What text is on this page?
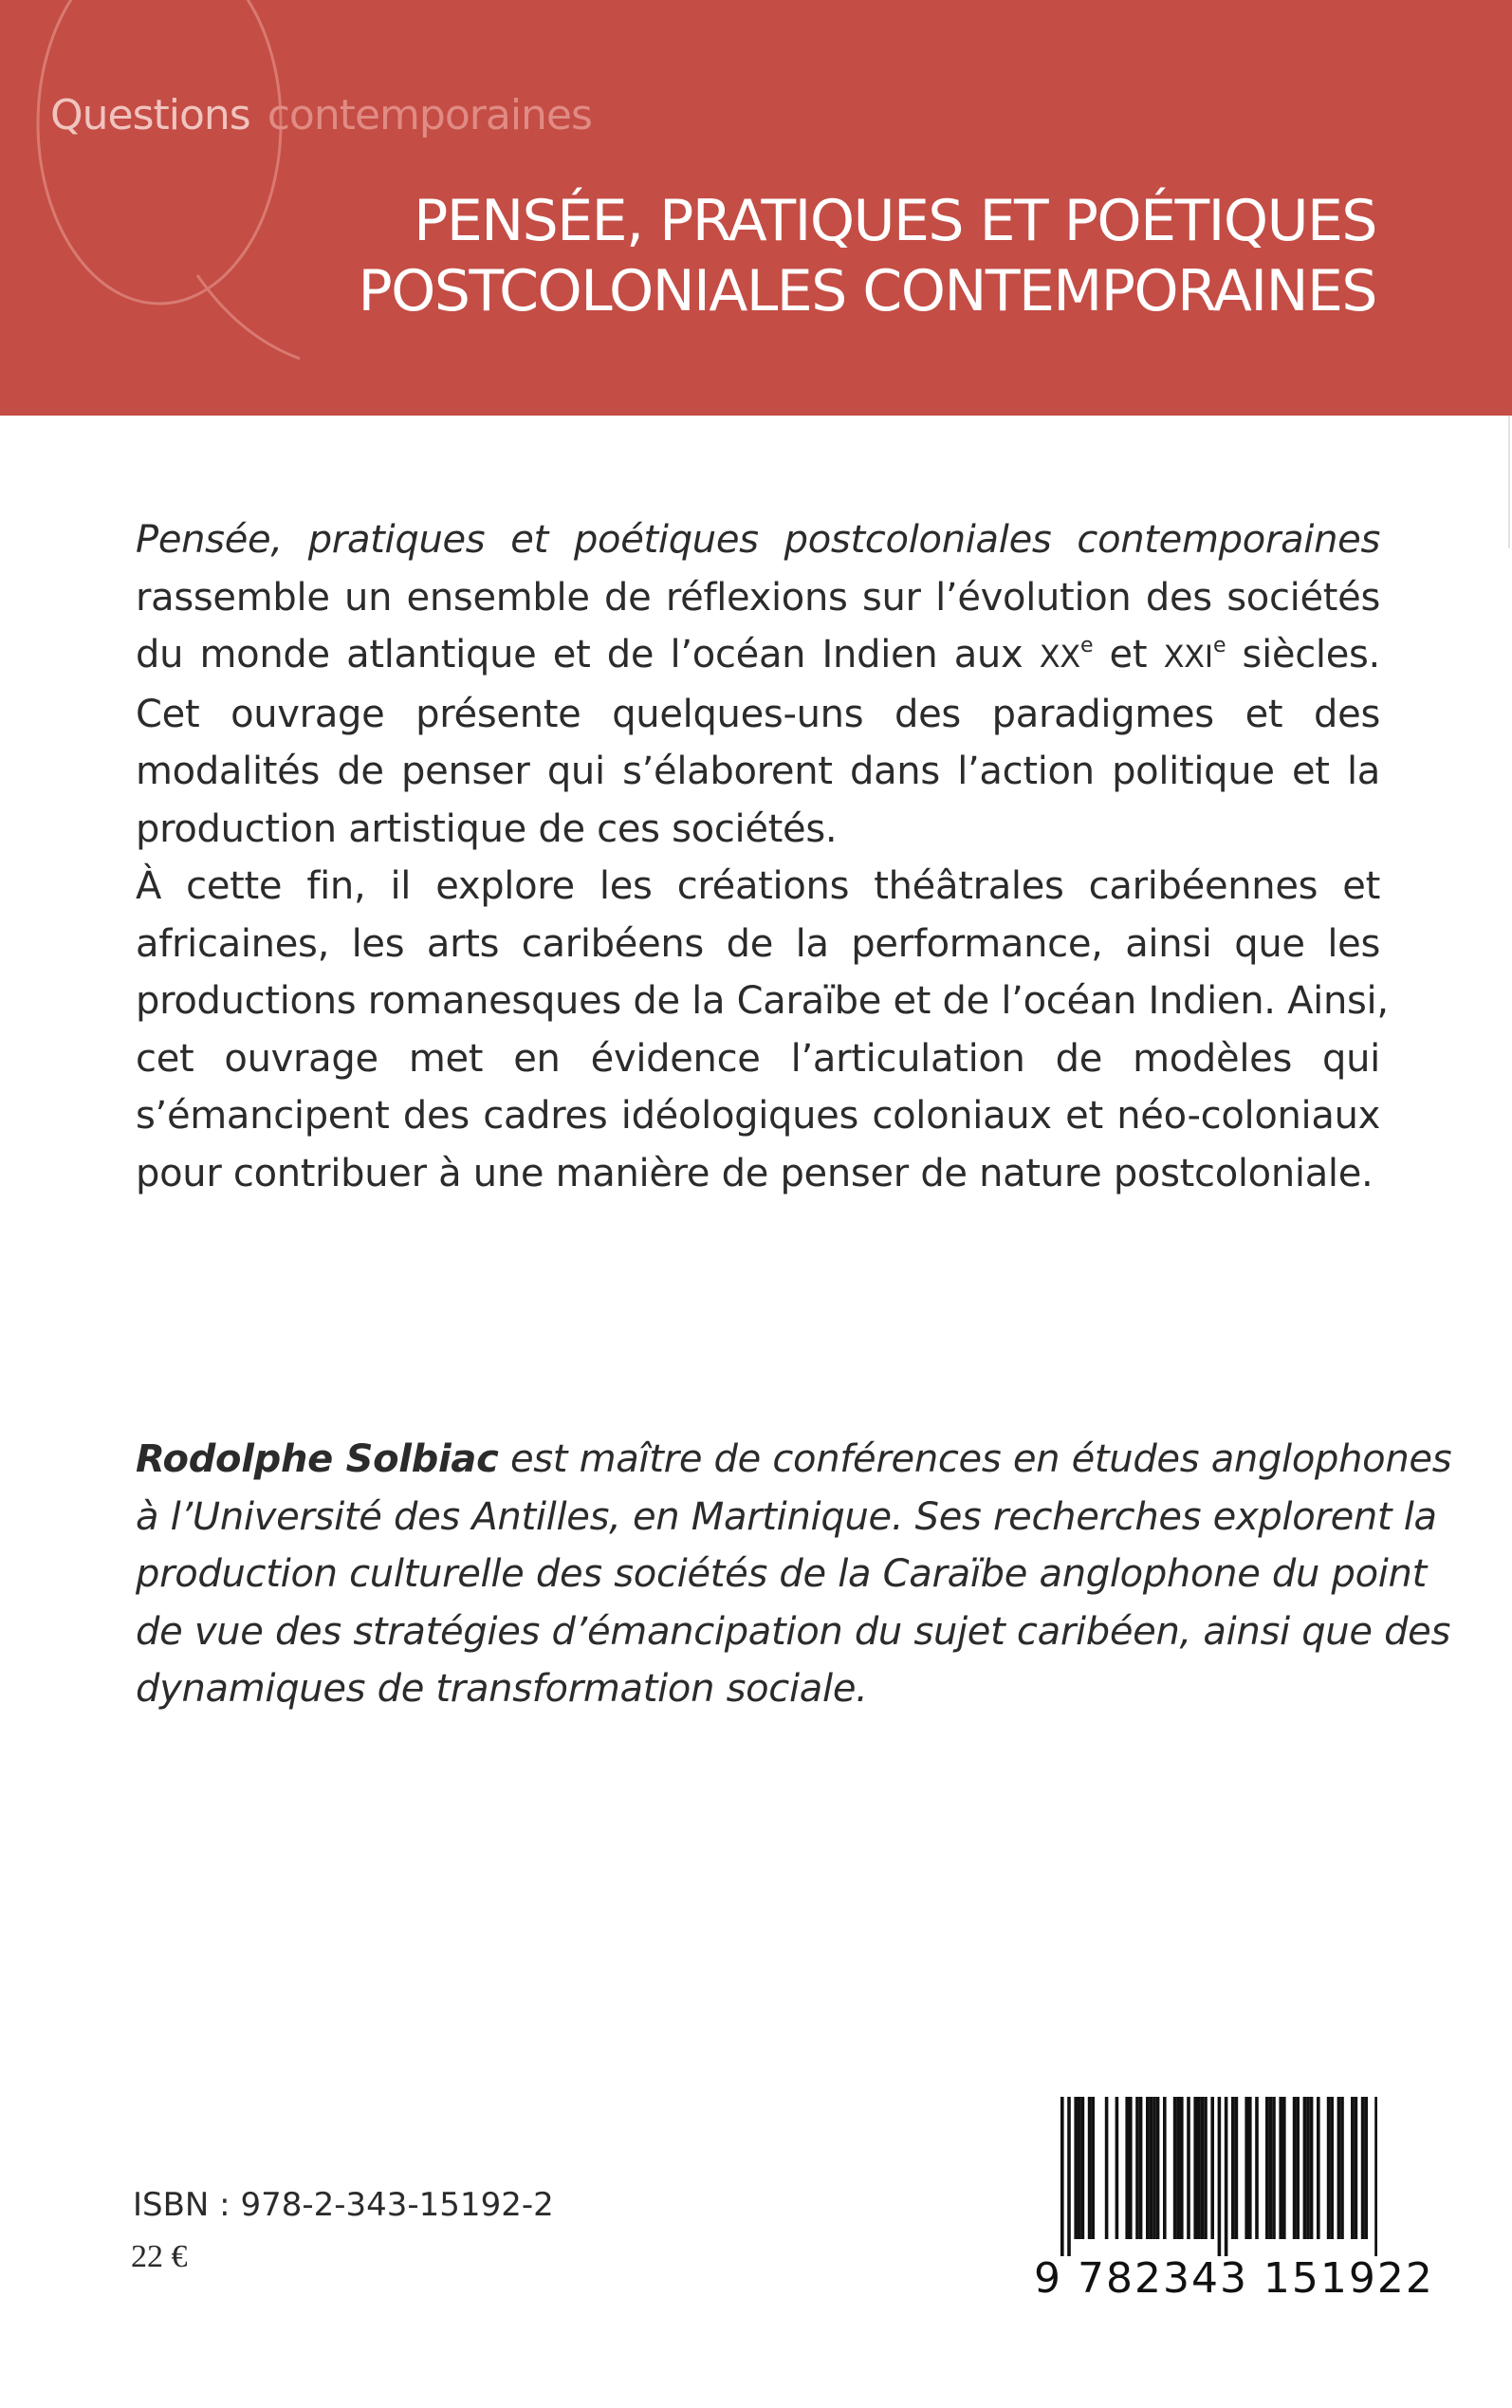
Questions contemporaines
PENSÉE, PRATIQUES ET POÉTIQUES
POSTCOLONIALES CONTEMPORAINES
Pensée, pratiques et poétiques postcoloniales contemporaines
rassemble un ensemble de réflexions sur l’évolution des sociétés
du monde atlantique et de l’océan Indien aux XXe et XXIe siècles.
Cet ouvrage présente quelques-uns des paradigmes et des
modalités de penser qui s’élaborent dans l’action politique et la
production artistique de ces sociétés.
À cette fin, il explore les créations théâtrales caribéennes et
africaines, les arts caribéens de la performance, ainsi que les
productions romanesques de la Caraïbe et de l’océan Indien. Ainsi,
cet ouvrage met en évidence l’articulation de modèles qui
s’émancipent des cadres idéologiques coloniaux et néo-coloniaux
pour contribuer à une manière de penser de nature postcoloniale.
Rodolphe Solbiac est maître de conférences en études anglophones
à l’Université des Antilles, en Martinique. Ses recherches explorent la
production culturelle des sociétés de la Caraïbe anglophone du point
de vue des stratégies d’émancipation du sujet caribéen, ainsi que des
dynamiques de transformation sociale.
ISBN : 978-2-343-15192-2
22 €	9 782343 151922
